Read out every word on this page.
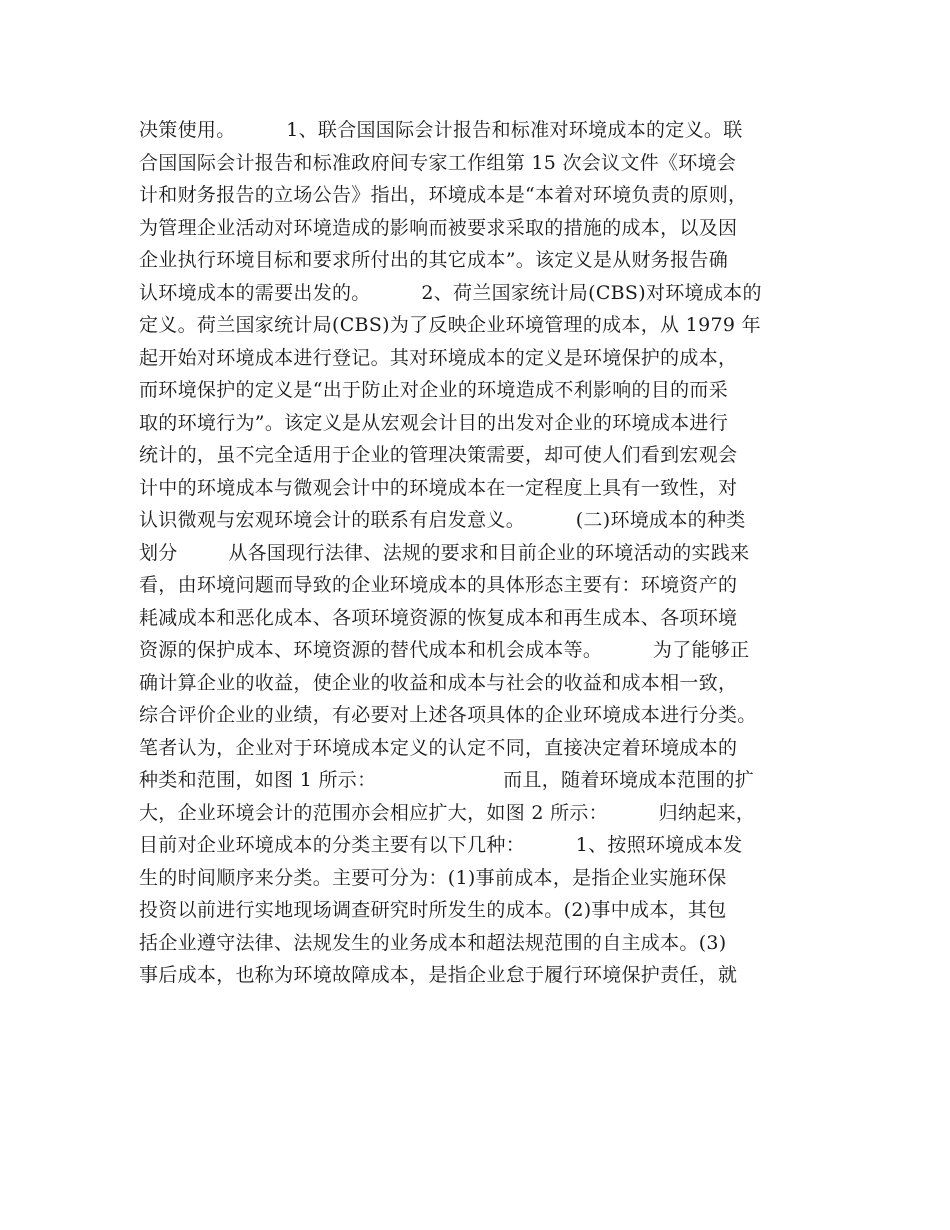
决策使用。        1、联合国国际会计报告和标准对环境成本的定义。联
合国国际会计报告和标准政府间专家工作组第 15 次会议文件《环境会
计和财务报告的立场公告》指出，环境成本是“本着对环境负责的原则，
为管理企业活动对环境造成的影响而被要求采取的措施的成本，以及因
企业执行环境目标和要求所付出的其它成本”。该定义是从财务报告确
认环境成本的需要出发的。        2、荷兰国家统计局(CBS)对环境成本的
定义。荷兰国家统计局(CBS)为了反映企业环境管理的成本，从 1979 年
起开始对环境成本进行登记。其对环境成本的定义是环境保护的成本，
而环境保护的定义是“出于防止对企业的环境造成不利影响的目的而采
取的环境行为”。该定义是从宏观会计目的出发对企业的环境成本进行
统计的，虽不完全适用于企业的管理决策需要，却可使人们看到宏观会
计中的环境成本与微观会计中的环境成本在一定程度上具有一致性，对
认识微观与宏观环境会计的联系有启发意义。        (二)环境成本的种类
划分        从各国现行法律、法规的要求和目前企业的环境活动的实践来
看，由环境问题而导致的企业环境成本的具体形态主要有：环境资产的
耗减成本和恶化成本、各项环境资源的恢复成本和再生成本、各项环境
资源的保护成本、环境资源的替代成本和机会成本等。        为了能够正
确计算企业的收益，使企业的收益和成本与社会的收益和成本相一致，
综合评价企业的业绩，有必要对上述各项具体的企业环境成本进行分类。
笔者认为，企业对于环境成本定义的认定不同，直接决定着环境成本的
种类和范围，如图 1 所示：                    而且，随着环境成本范围的扩
大，企业环境会计的范围亦会相应扩大，如图 2 所示：        归纳起来，
目前对企业环境成本的分类主要有以下几种：        1、按照环境成本发
生的时间顺序来分类。主要可分为：(1)事前成本，是指企业实施环保
投资以前进行实地现场调查研究时所发生的成本。(2)事中成本，其包
括企业遵守法律、法规发生的业务成本和超法规范围的自主成本。(3)
事后成本，也称为环境故障成本，是指企业怠于履行环境保护责任，就
